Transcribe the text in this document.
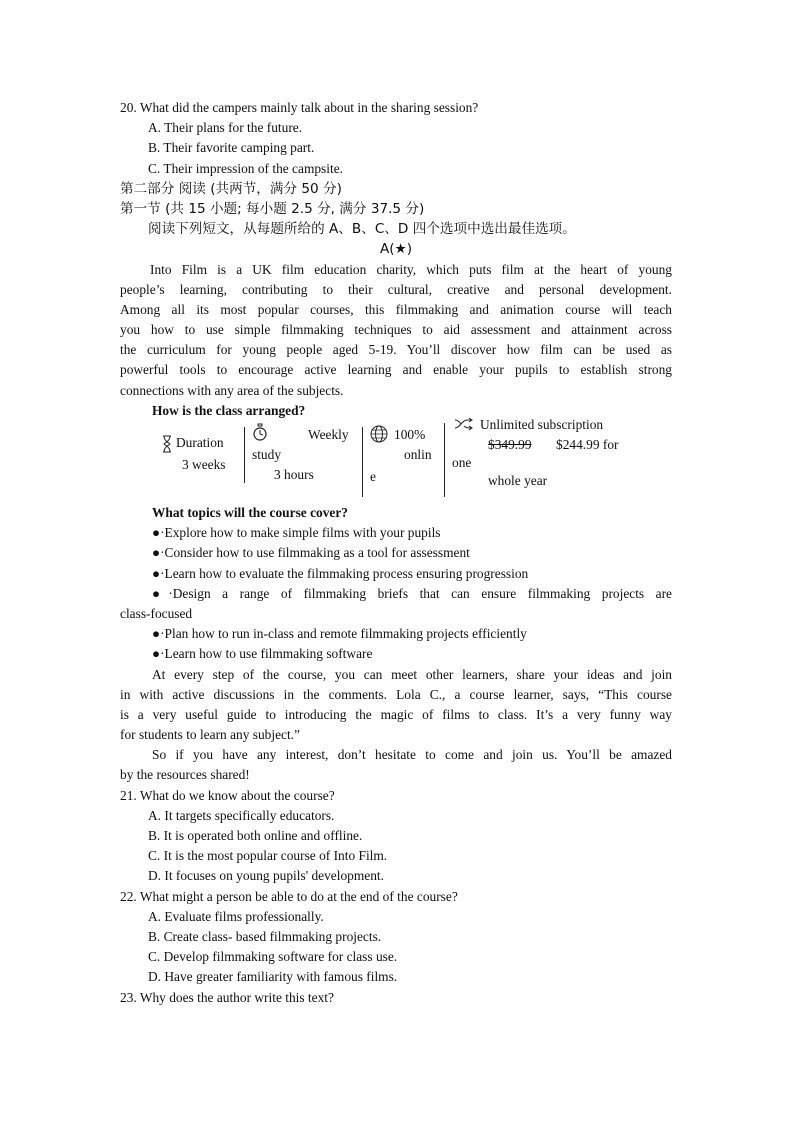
20. What did the campers mainly talk about in the sharing session?
A. Their plans for the future.
B. Their favorite camping part.
C. Their impression of the campsite.
第二部分 阅读 (共两节，满分 50 分)
第一节 (共 15 小题; 每小题 2.5 分, 满分 37.5 分)
阅读下列短文，从每题所给的 A、B、C、D 四个选项中选出最佳选项。
A(★)
Into Film is a UK film education charity, which puts film at the heart of young
people’s learning, contributing to their cultural, creative and personal development.
Among all its most popular courses, this filmmaking and animation course will teach
you how to use simple filmmaking techniques to aid assessment and attainment across
the curriculum for young people aged 5-19. You’ll discover how film can be used as
powerful tools to encourage active learning and enable your pupils to establish strong
connections with any area of the subjects.
How is the class arranged?
Duration
3 weeks
Weekly
study
3 hours
100%
onlin
e
Unlimited subscription
$349.99 $244.99 for
one
whole year
What topics will the course cover?
●·Explore how to make simple films with your pupils
●·Consider how to use filmmaking as a tool for assessment
●·Learn how to evaluate the filmmaking process ensuring progression
●·Design a range of filmmaking briefs that can ensure filmmaking projects are
class-focused
●·Plan how to run in-class and remote filmmaking projects efficiently
●·Learn how to use filmmaking software
At every step of the course, you can meet other learners, share your ideas and join
in with active discussions in the comments. Lola C., a course learner, says, “This course
is a very useful guide to introducing the magic of films to class. It’s a very funny way
for students to learn any subject.”
So if you have any interest, don’t hesitate to come and join us. You’ll be amazed
by the resources shared!
21. What do we know about the course?
A. It targets specifically educators.
B. It is operated both online and offline.
C. It is the most popular course of Into Film.
D. It focuses on young pupils' development.
22. What might a person be able to do at the end of the course?
A. Evaluate films professionally.
B. Create class- based filmmaking projects.
C. Develop filmmaking software for class use.
D. Have greater familiarity with famous films.
23. Why does the author write this text?
